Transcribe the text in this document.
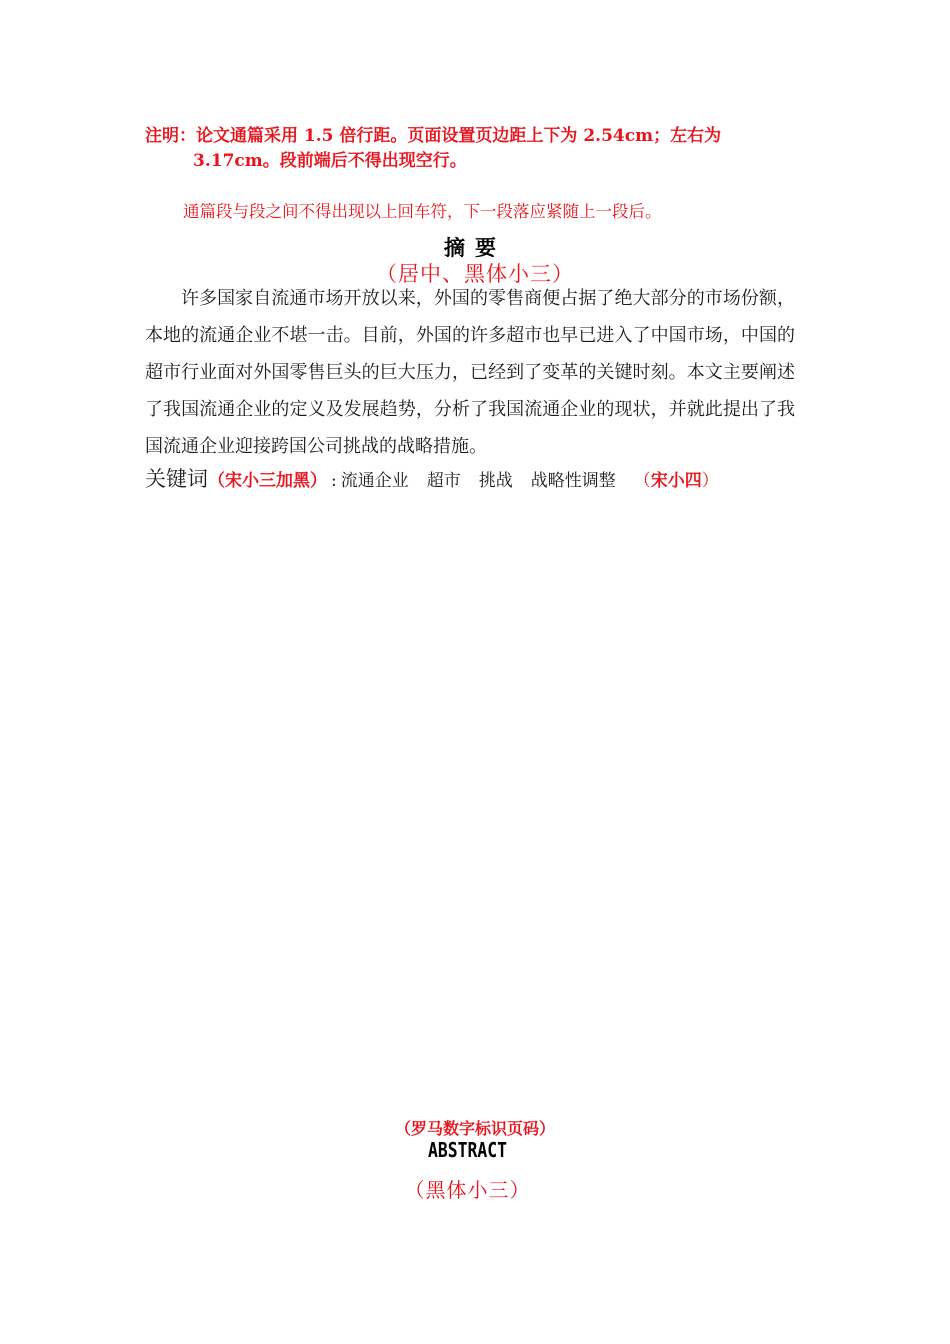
注明：论文通篇采用 1.5 倍行距。页面设置页边距上下为 2.54cm；左右为
3.17cm。段前端后不得出现空行。
通篇段与段之间不得出现以上回车符，下一段落应紧随上一段后。
摘要
（居中、黑体小三）

许多国家自流通市场开放以来，外国的零售商便占据了绝大部分的市场份额，本地的流通企业不堪一击。目前，外国的许多超市也早已进入了中国市场，中国的超市行业面对外国零售巨头的巨大压力，已经到了变革的关键时刻。本文主要阐述了我国流通企业的定义及发展趋势，分析了我国流通企业的现状，并就此提出了我国流通企业迎接跨国公司挑战的战略措施。

关键词（宋小三加黑） : 流通企业 超市 挑战 战略性调整 （宋小四）
（罗马数字标识页码）
ABSTRACT
（黑体小三）
